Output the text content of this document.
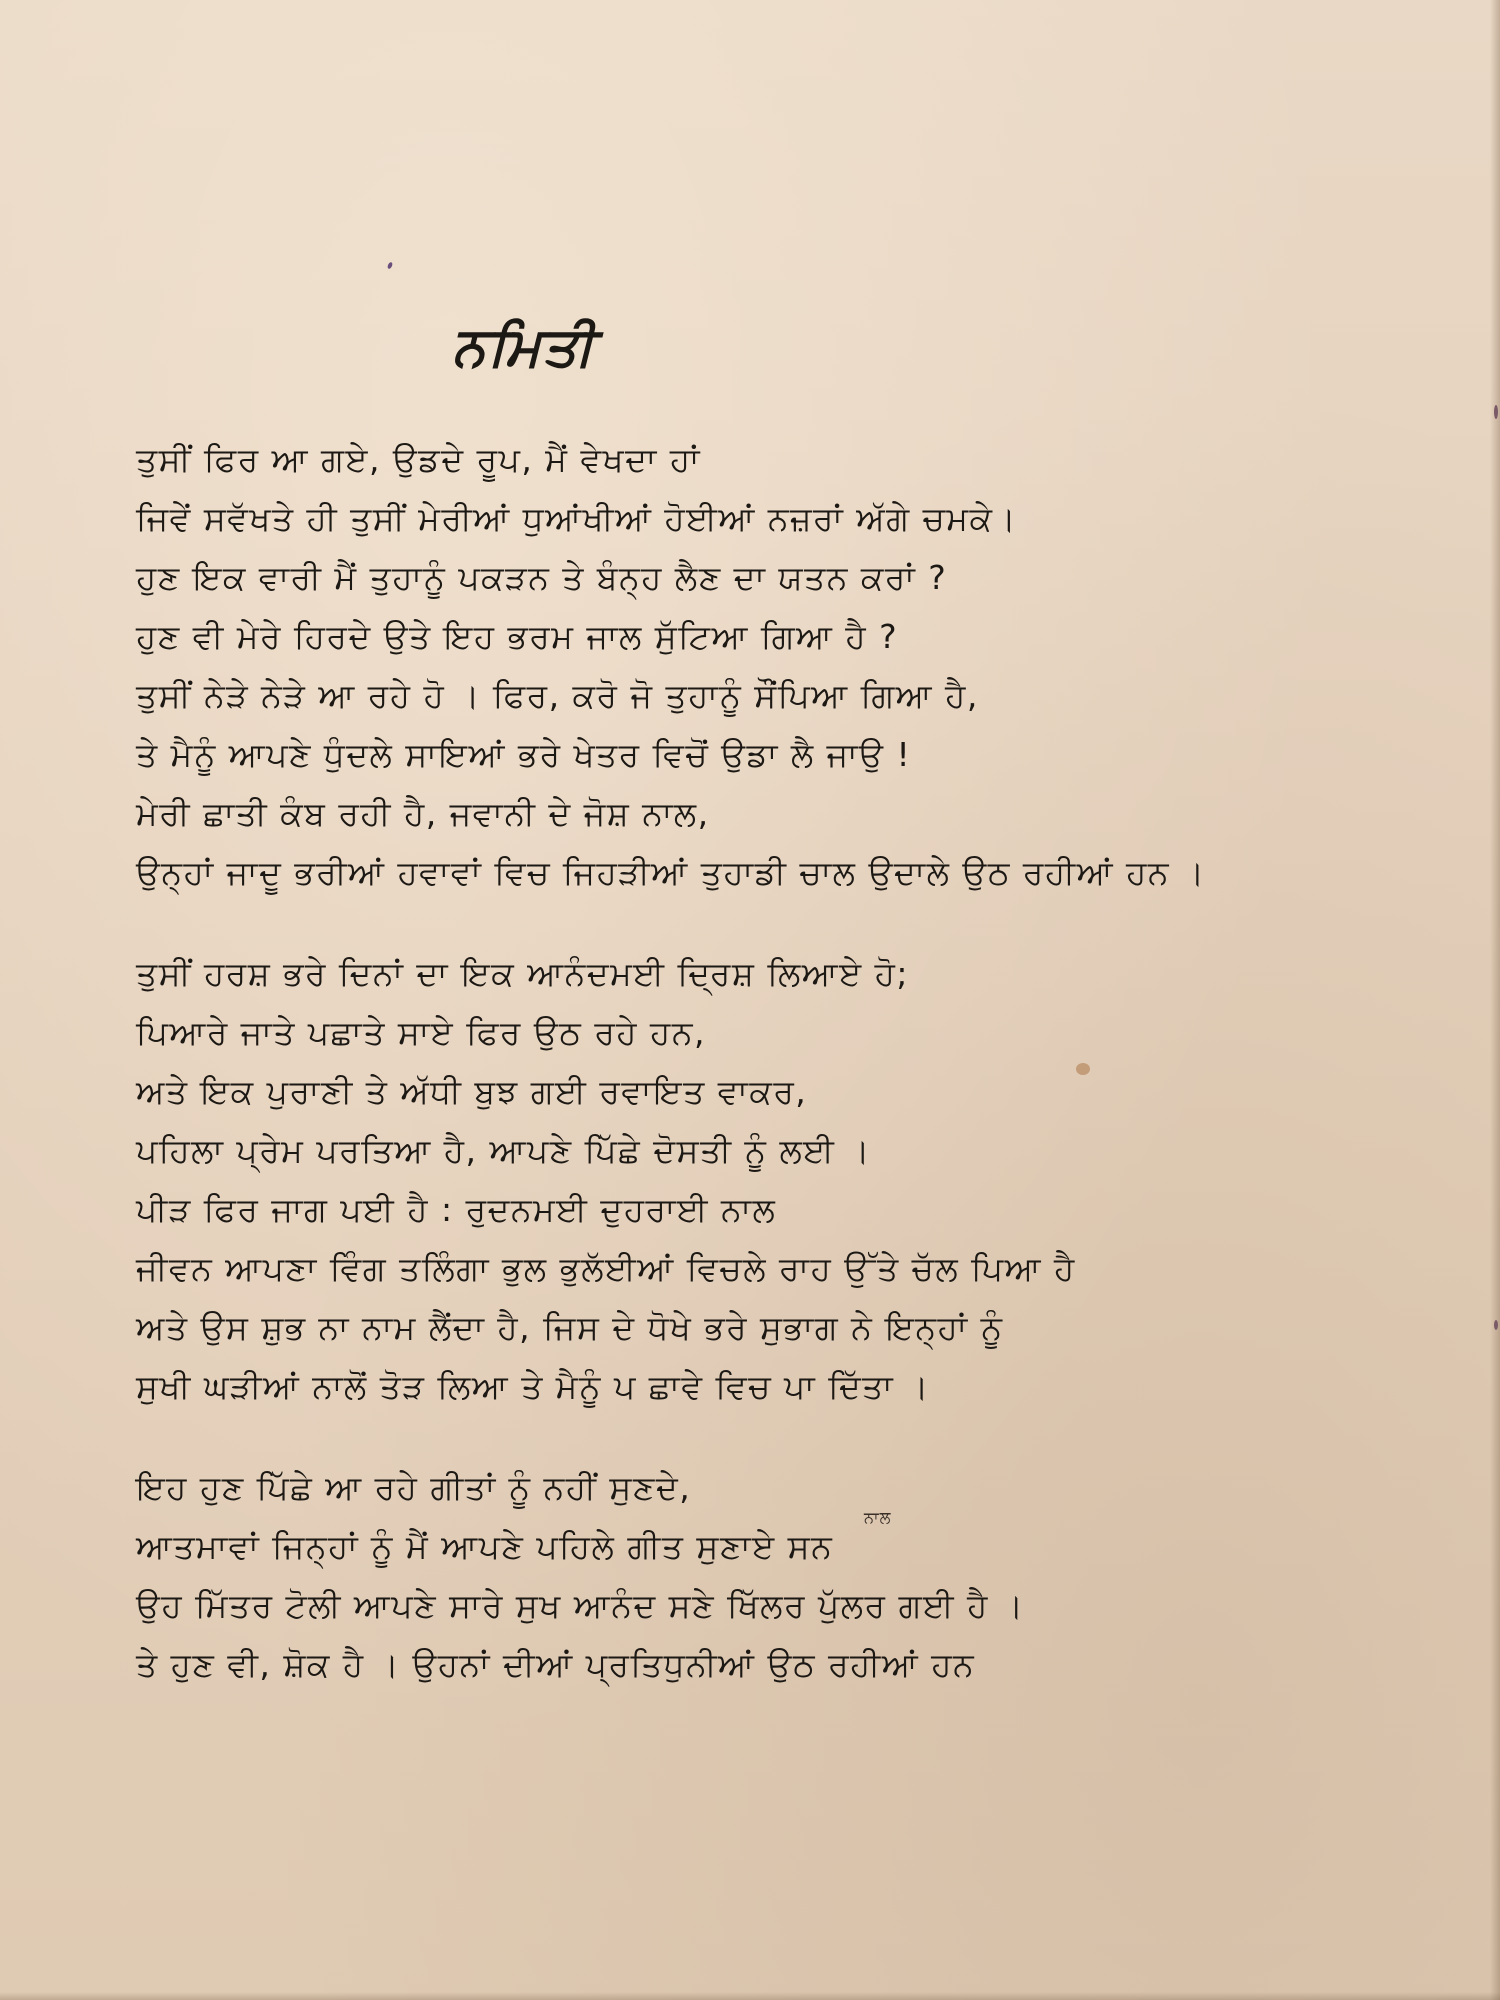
ਨਮਿਤੀ
ਤੁਸੀਂ ਫਿਰ ਆ ਗਏ, ਉਡਦੇ ਰੂਪ, ਮੈਂ ਵੇਖਦਾ ਹਾਂ
ਜਿਵੇਂ ਸਵੱਖਤੇ ਹੀ ਤੁਸੀਂ ਮੇਰੀਆਂ ਧੁਆਂਖੀਆਂ ਹੋਈਆਂ ਨਜ਼ਰਾਂ ਅੱਗੇ ਚਮਕੇ।
ਹੁਣ ਇਕ ਵਾਰੀ ਮੈਂ ਤੁਹਾਨੂੰ ਪਕੜਨ ਤੇ ਬੰਨ੍ਹ ਲੈਣ ਦਾ ਯਤਨ ਕਰਾਂ ?
ਹੁਣ ਵੀ ਮੇਰੇ ਹਿਰਦੇ ਉਤੇ ਇਹ ਭਰਮ ਜਾਲ ਸੁੱਟਿਆ ਗਿਆ ਹੈ ?
ਤੁਸੀਂ ਨੇੜੇ ਨੇੜੇ ਆ ਰਹੇ ਹੋ । ਫਿਰ, ਕਰੋ ਜੋ ਤੁਹਾਨੂੰ ਸੌਂਪਿਆ ਗਿਆ ਹੈ,
ਤੇ ਮੈਨੂੰ ਆਪਣੇ ਧੁੰਦਲੇ ਸਾਇਆਂ ਭਰੇ ਖੇਤਰ ਵਿਚੋਂ ਉਡਾ ਲੈ ਜਾਉ !
ਮੇਰੀ ਛਾਤੀ ਕੰਬ ਰਹੀ ਹੈ, ਜਵਾਨੀ ਦੇ ਜੋਸ਼ ਨਾਲ,
ਉਨ੍ਹਾਂ ਜਾਦੂ ਭਰੀਆਂ ਹਵਾਵਾਂ ਵਿਚ ਜਿਹੜੀਆਂ ਤੁਹਾਡੀ ਚਾਲ ਉਦਾਲੇ ਉਠ ਰਹੀਆਂ ਹਨ ।
ਤੁਸੀਂ ਹਰਸ਼ ਭਰੇ ਦਿਨਾਂ ਦਾ ਇਕ ਆਨੰਦਮਈ ਦ੍ਰਿਸ਼ ਲਿਆਏ ਹੋ;
ਪਿਆਰੇ ਜਾਤੇ ਪਛਾਤੇ ਸਾਏ ਫਿਰ ਉਠ ਰਹੇ ਹਨ,
ਅਤੇ ਇਕ ਪੁਰਾਣੀ ਤੇ ਅੱਧੀ ਬੁਝ ਗਈ ਰਵਾਇਤ ਵਾਕਰ,
ਪਹਿਲਾ ਪ੍ਰੇਮ ਪਰਤਿਆ ਹੈ, ਆਪਣੇ ਪਿੱਛੇ ਦੋਸਤੀ ਨੂੰ ਲਈ ।
ਪੀੜ ਫਿਰ ਜਾਗ ਪਈ ਹੈ : ਰੁਦਨਮਈ ਦੁਹਰਾਈ ਨਾਲ
ਜੀਵਨ ਆਪਣਾ ਵਿੰਗ ਤਲਿੰਗਾ ਭੁਲ ਭੁਲੱਈਆਂ ਵਿਚਲੇ ਰਾਹ ਉੱਤੇ ਚੱਲ ਪਿਆ ਹੈ
ਅਤੇ ਉਸ ਸ਼ੁਭ ਨਾ ਨਾਮ ਲੈਂਦਾ ਹੈ, ਜਿਸ ਦੇ ਧੋਖੇ ਭਰੇ ਸੁਭਾਗ ਨੇ ਇਨ੍ਹਾਂ ਨੂੰ
ਸੁਖੀ ਘੜੀਆਂ ਨਾਲੋਂ ਤੋੜ ਲਿਆ ਤੇ ਮੈਨੂੰ ਪ ਛਾਵੇ ਵਿਚ ਪਾ ਦਿੱਤਾ ।
ਇਹ ਹੁਣ ਪਿੱਛੇ ਆ ਰਹੇ ਗੀਤਾਂ ਨੂੰ ਨਹੀਂ ਸੁਣਦੇ,
ਆਤਮਾਵਾਂ ਜਿਨ੍ਹਾਂ ਨੂੰ ਮੈਂ ਆਪਣੇ ਪਹਿਲੇ ਗੀਤ ਸੁਣਾਏ ਸਨ
ਉਹ ਮਿੱਤਰ ਟੋਲੀ ਆਪਣੇ ਸਾਰੇ ਸੁਖ ਆਨੰਦ ਸਣੇ ਖਿੱਲਰ ਪੁੱਲਰ ਗਈ ਹੈ ।
ਤੇ ਹੁਣ ਵੀ, ਸ਼ੋਕ ਹੈ । ਉਹਨਾਂ ਦੀਆਂ ਪ੍ਰਤਿਧੁਨੀਆਂ ਉਠ ਰਹੀਆਂ ਹਨ
ਨਾਲ
